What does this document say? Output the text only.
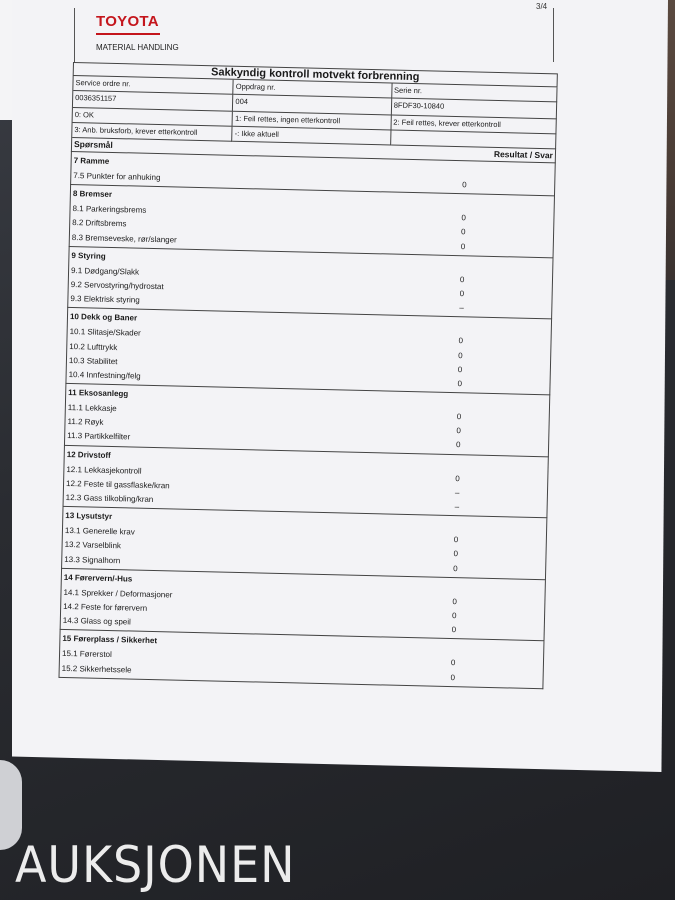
3/4
TOYOTA
MATERIAL HANDLING
Sakkyndig kontroll motvekt forbrenning
Service ordre nr.	Oppdrag nr.	Serie nr.
0036351157	004	8FDF30-10840
0: OK	1: Feil rettes, ingen etterkontroll	2: Feil rettes, krever etterkontroll
3: Anb. bruksforb, krever etterkontroll	-: Ikke aktuell
Spørsmål
Resultat / Svar
7 Ramme
7.5 Punkter for anhuking
0
8 Bremser
8.1 Parkeringsbrems
0
8.2 Driftsbrems
0
8.3 Bremseveske, rør/slanger
0
9 Styring
9.1 Dødgang/Slakk
0
9.2 Servostyring/hydrostat
0
9.3 Elektrisk styring
–
10 Dekk og Baner
10.1 Slitasje/Skader
0
10.2 Lufttrykk
0
10.3 Stabilitet
0
10.4 Innfestning/felg
0
11 Eksosanlegg
11.1 Lekkasje
0
11.2 Røyk
0
11.3 Partikkelfilter
0
12 Drivstoff
12.1 Lekkasjekontroll
0
12.2 Feste til gassflaske/kran
–
12.3 Gass tilkobling/kran
–
13 Lysutstyr
13.1 Generelle krav
0
13.2 Varselblink
0
13.3 Signalhorn
0
14 Førervern/-Hus
14.1 Sprekker / Deformasjoner
0
14.2 Feste for førervern
0
14.3 Glass og speil
0
15 Førerplass / Sikkerhet
15.1 Førerstol
0
15.2 Sikkerhetssele
0
AUKSJONEN
